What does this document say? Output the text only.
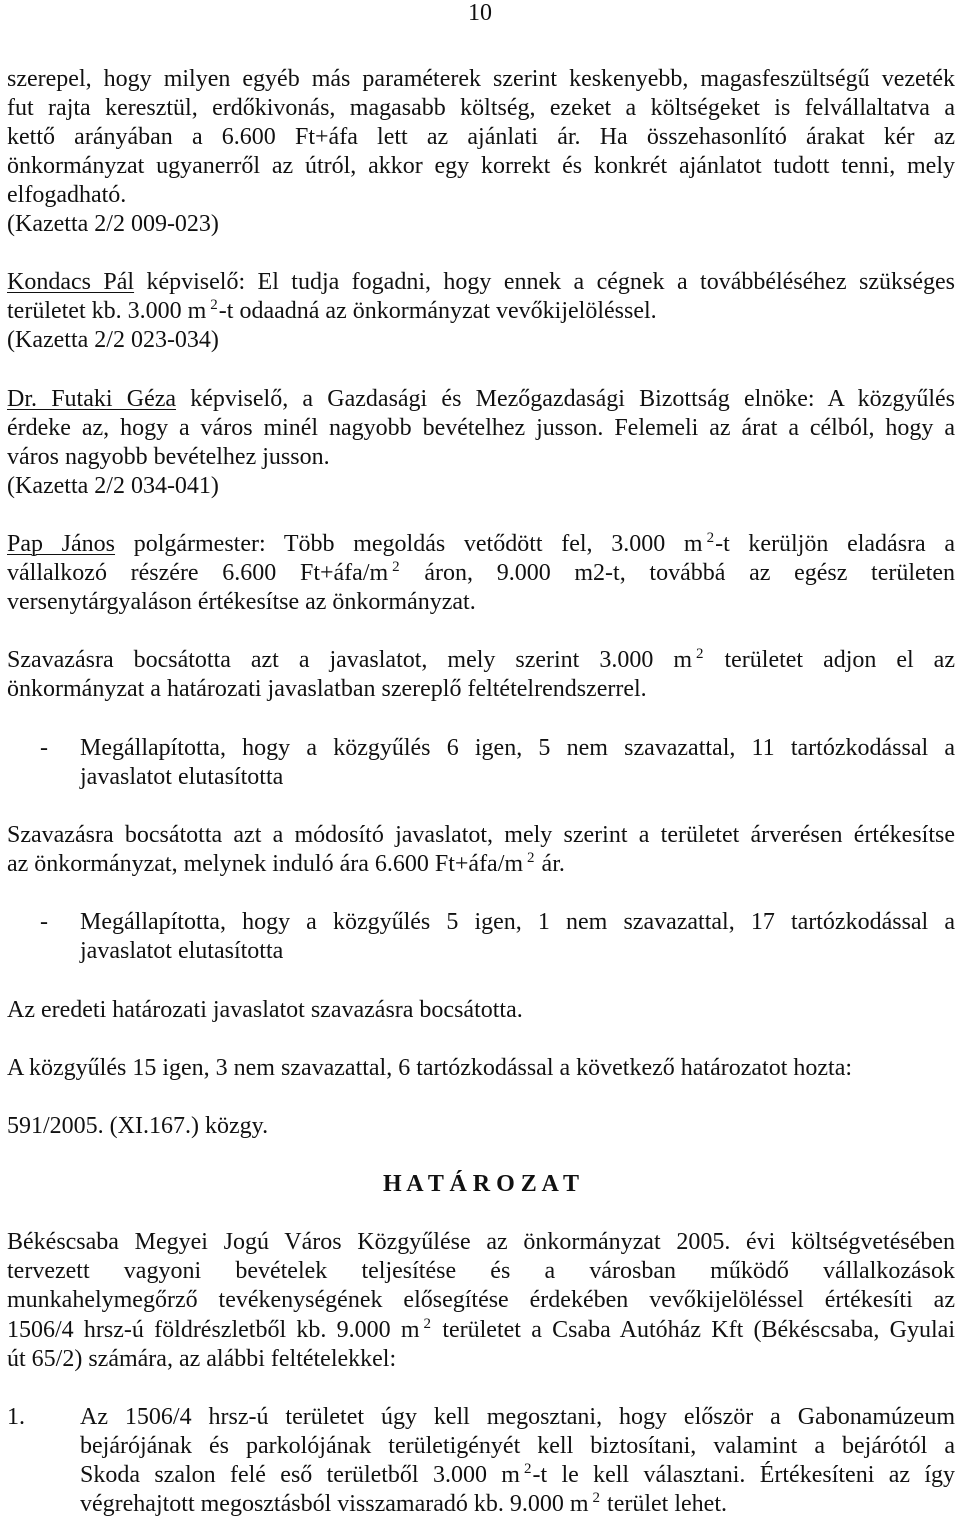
10
szerepel, hogy milyen egyéb más paraméterek szerint keskenyebb, magasfeszültségű vezeték
fut rajta keresztül, erdőkivonás, magasabb költség, ezeket a költségeket is felvállaltatva a
kettő arányában a 6.600 Ft+áfa lett az ajánlati ár. Ha összehasonlító árakat kér az
önkormányzat ugyanerről az útról, akkor egy korrekt és konkrét ajánlatot tudott tenni, mely
elfogadható.
(Kazetta 2/2 009-023)
Kondacs Pál képviselő: El tudja fogadni, hogy ennek a cégnek a továbbéléséhez szükséges
területet kb. 3.000 m $^2$-t odaadná az önkormányzat vevőkijelöléssel.
(Kazetta 2/2 023-034)
Dr. Futaki Géza képviselő, a Gazdasági és Mezőgazdasági Bizottság elnöke: A közgyűlés
érdeke az, hogy a város minél nagyobb bevételhez jusson. Felemeli az árat a célból, hogy a
város nagyobb bevételhez jusson.
(Kazetta 2/2 034-041)
Pap János polgármester: Több megoldás vetődött fel, 3.000 m $^2$-t kerüljön eladásra a
vállalkozó részére 6.600 Ft+áfa/m $^2$ áron, 9.000 m2-t, továbbá az egész területen
versenytárgyaláson értékesítse az önkormányzat.
Szavazásra bocsátotta azt a javaslatot, mely szerint 3.000 m $^2$ területet adjon el az
önkormányzat a határozati javaslatban szereplő feltételrendszerrel.
- Megállapította, hogy a közgyűlés 6 igen, 5 nem szavazattal, 11 tartózkodással a
javaslatot elutasította
Szavazásra bocsátotta azt a módosító javaslatot, mely szerint a területet árverésen értékesítse
az önkormányzat, melynek induló ára 6.600 Ft+áfa/m $^2$ ár.
- Megállapította, hogy a közgyűlés 5 igen, 1 nem szavazattal, 17 tartózkodással a
javaslatot elutasította
Az eredeti határozati javaslatot szavazásra bocsátotta.
A közgyűlés 15 igen, 3 nem szavazattal, 6 tartózkodással a következő határozatot hozta:
591/2005. (XI.167.) közgy.
H A T Á R O Z A T
Békéscsaba Megyei Jogú Város Közgyűlése az önkormányzat 2005. évi költségvetésében
tervezett vagyoni bevételek teljesítése és a városban működő vállalkozások
munkahelymegőrző tevékenységének elősegítése érdekében vevőkijelöléssel értékesíti az
1506/4 hrsz-ú földrészletből kb. 9.000 m $^2$ területet a Csaba Autóház Kft (Békéscsaba, Gyulai
út 65/2) számára, az alábbi feltételekkel:
1. Az 1506/4 hrsz-ú területet úgy kell megosztani, hogy először a Gabonamúzeum
bejárójának és parkolójának területigényét kell biztosítani, valamint a bejárótól a
Skoda szalon felé eső területből 3.000 m $^2$-t le kell választani. Értékesíteni az így
végrehajtott megosztásból visszamaradó kb. 9.000 m $^2$ terület lehet.
